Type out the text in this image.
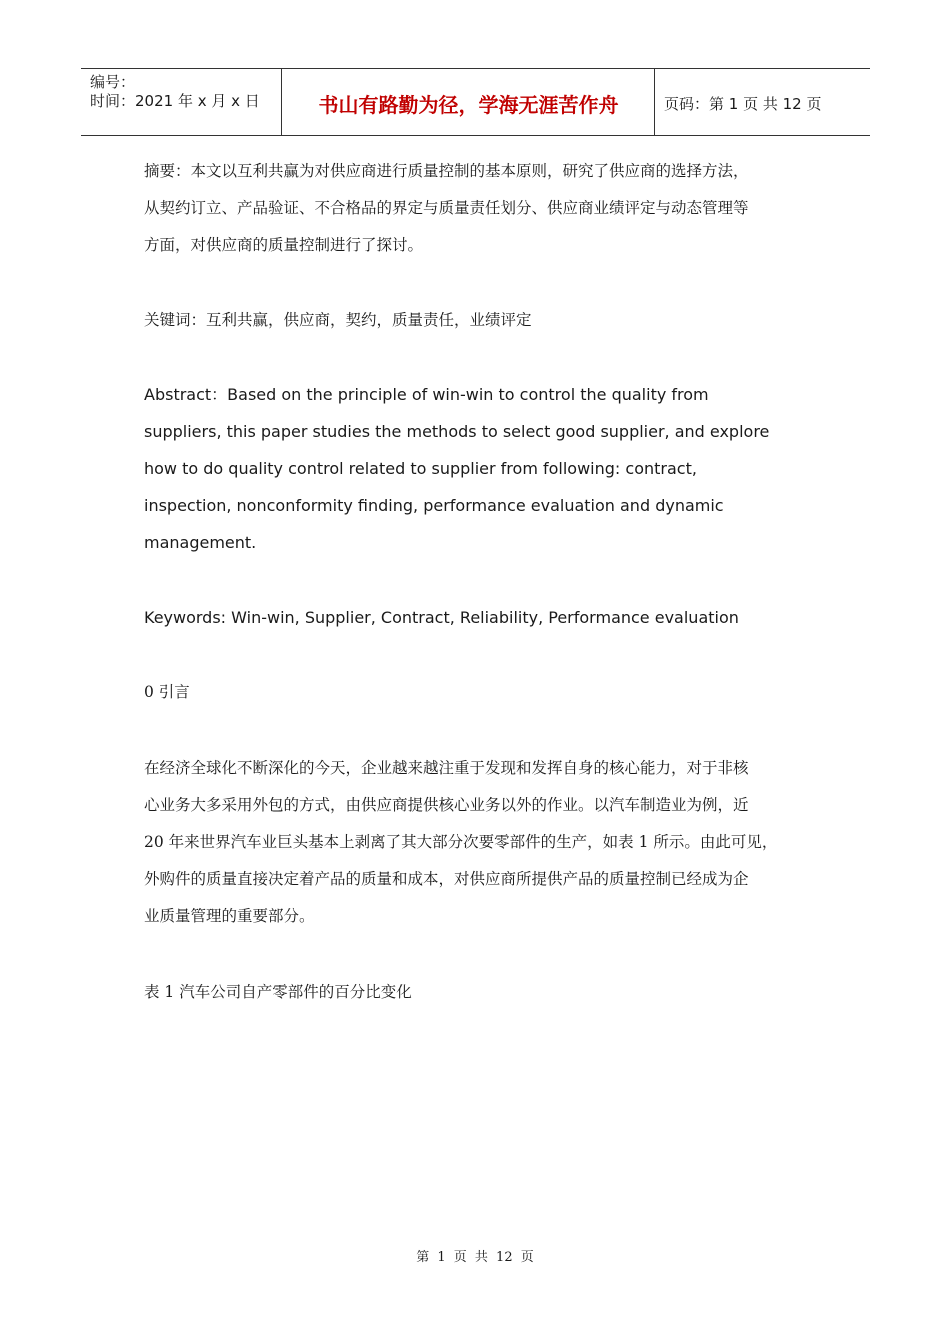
编号：
时间：2021 年 x 月 x 日	书山有路勤为径，学海无涯苦作舟	页码：第 1 页 共 12 页
摘要：本文以互利共赢为对供应商进行质量控制的基本原则，研究了供应商的选择方法，
从契约订立、产品验证、不合格品的界定与质量责任划分、供应商业绩评定与动态管理等
方面，对供应商的质量控制进行了探讨。
关键词：互利共赢，供应商，契约，质量责任，业绩评定
Abstract：Based on the principle of win-win to control the quality from
suppliers, this paper studies the methods to select good supplier, and explore
how to do quality control related to supplier from following: contract,
inspection, nonconformity finding, performance evaluation and dynamic
management.
Keywords: Win-win, Supplier, Contract, Reliability, Performance evaluation
0 引言
在经济全球化不断深化的今天，企业越来越注重于发现和发挥自身的核心能力，对于非核
心业务大多采用外包的方式，由供应商提供核心业务以外的作业。以汽车制造业为例，近
20 年来世界汽车业巨头基本上剥离了其大部分次要零部件的生产，如表 1 所示。由此可见，
外购件的质量直接决定着产品的质量和成本，对供应商所提供产品的质量控制已经成为企
业质量管理的重要部分。
表 1 汽车公司自产零部件的百分比变化
第 1 页 共 12 页
